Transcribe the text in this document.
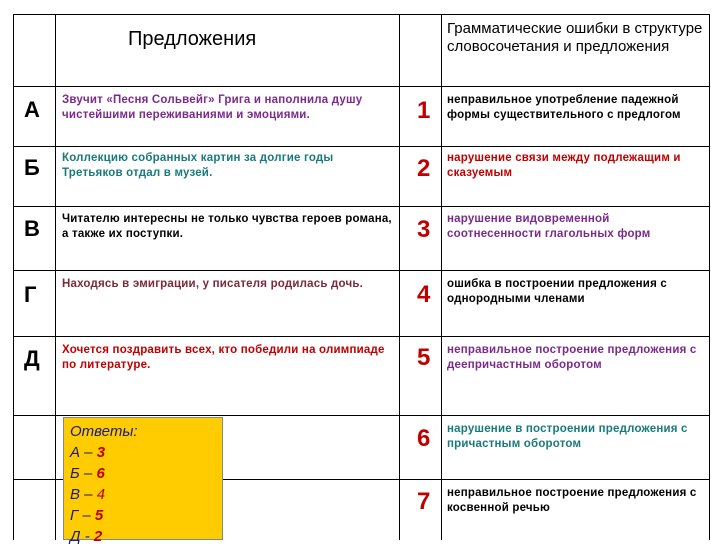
Предложения	Грамматические ошибки в структуре словосочетания и предложения
А Звучит «Песня Сольвейг» Грига и наполнила душу чистейшими переживаниями и эмоциями.	1 неправильное употребление падежной формы существительного с предлогом
Б Коллекцию собранных картин за долгие годы Третьяков отдал в музей.	2 нарушение связи между подлежащим и сказуемым
В Читателю интересны не только чувства героев романа, а также их поступки.	3 нарушение видовременной соотнесенности глагольных форм
Г Находясь в эмиграции, у писателя родилась дочь.	4 ошибка в построении предложения с однородными членами
Д Хочется поздравить всех, кто победили на олимпиаде по литературе.	5 неправильное построение предложения с деепричастным оборотом
6 нарушение в построении предложения с причастным оборотом
7 неправильное построение предложения с косвенной речью
Ответы:
А – 3
Б – 6
В – 4
Г – 5
Д - 2
